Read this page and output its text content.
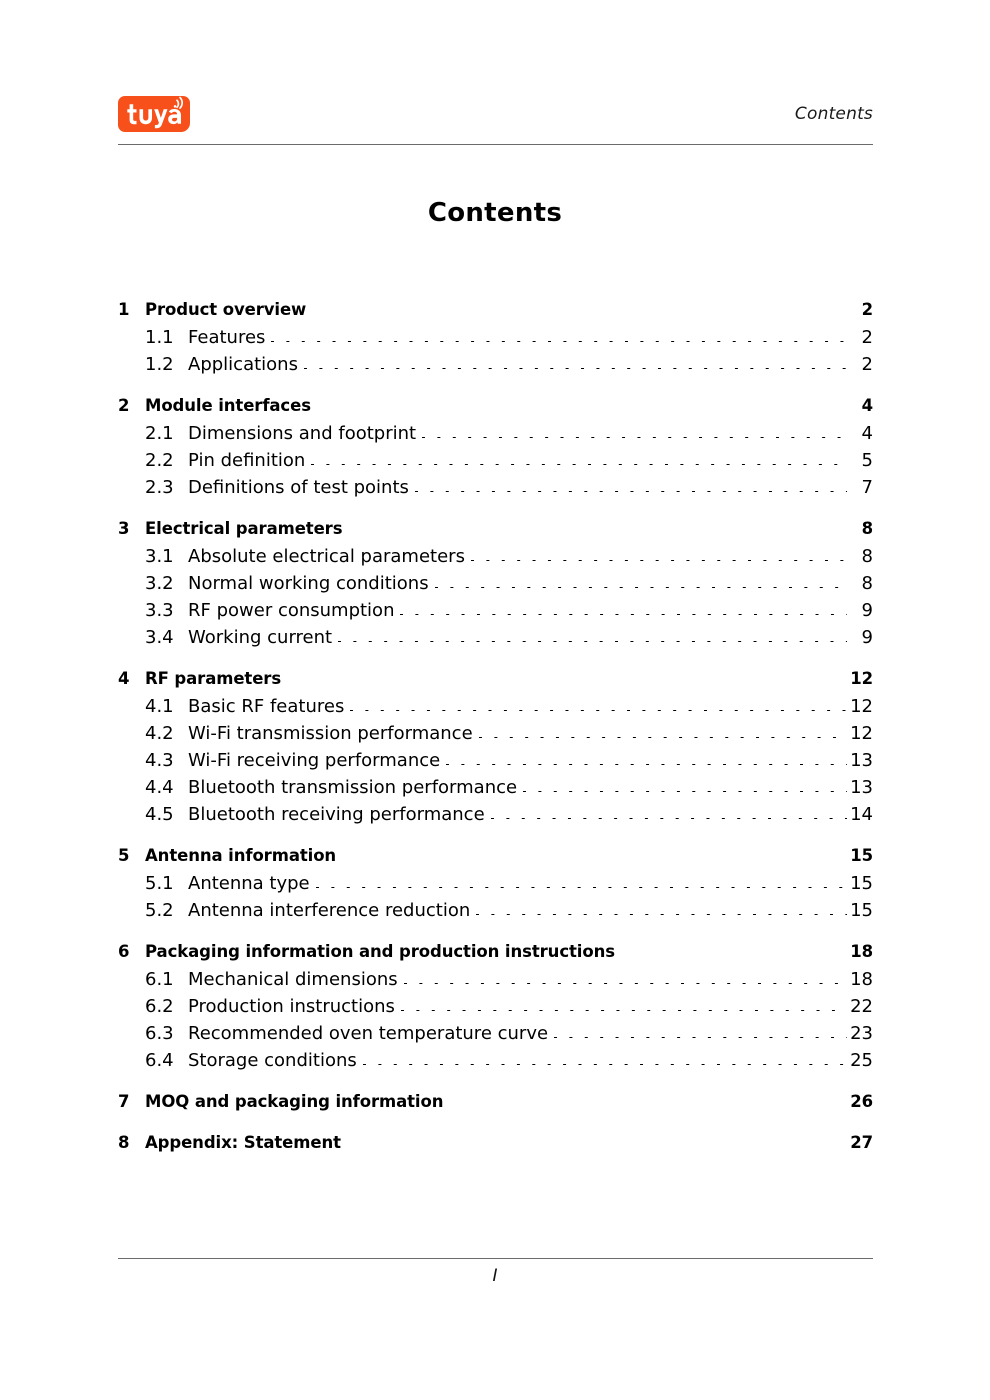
Contents
Contents
1 Product overview	2
1.1 Features	2
1.2 Applications	2
2 Module interfaces	4
2.1 Dimensions and footprint	4
2.2 Pin definition	5
2.3 Definitions of test points	7
3 Electrical parameters	8
3.1 Absolute electrical parameters	8
3.2 Normal working conditions	8
3.3 RF power consumption	9
3.4 Working current	9
4 RF parameters	12
4.1 Basic RF features	12
4.2 Wi-Fi transmission performance	12
4.3 Wi-Fi receiving performance	13
4.4 Bluetooth transmission performance	13
4.5 Bluetooth receiving performance	14
5 Antenna information	15
5.1 Antenna type	15
5.2 Antenna interference reduction	15
6 Packaging information and production instructions	18
6.1 Mechanical dimensions	18
6.2 Production instructions	22
6.3 Recommended oven temperature curve	23
6.4 Storage conditions	25
7 MOQ and packaging information	26
8 Appendix: Statement	27
I
